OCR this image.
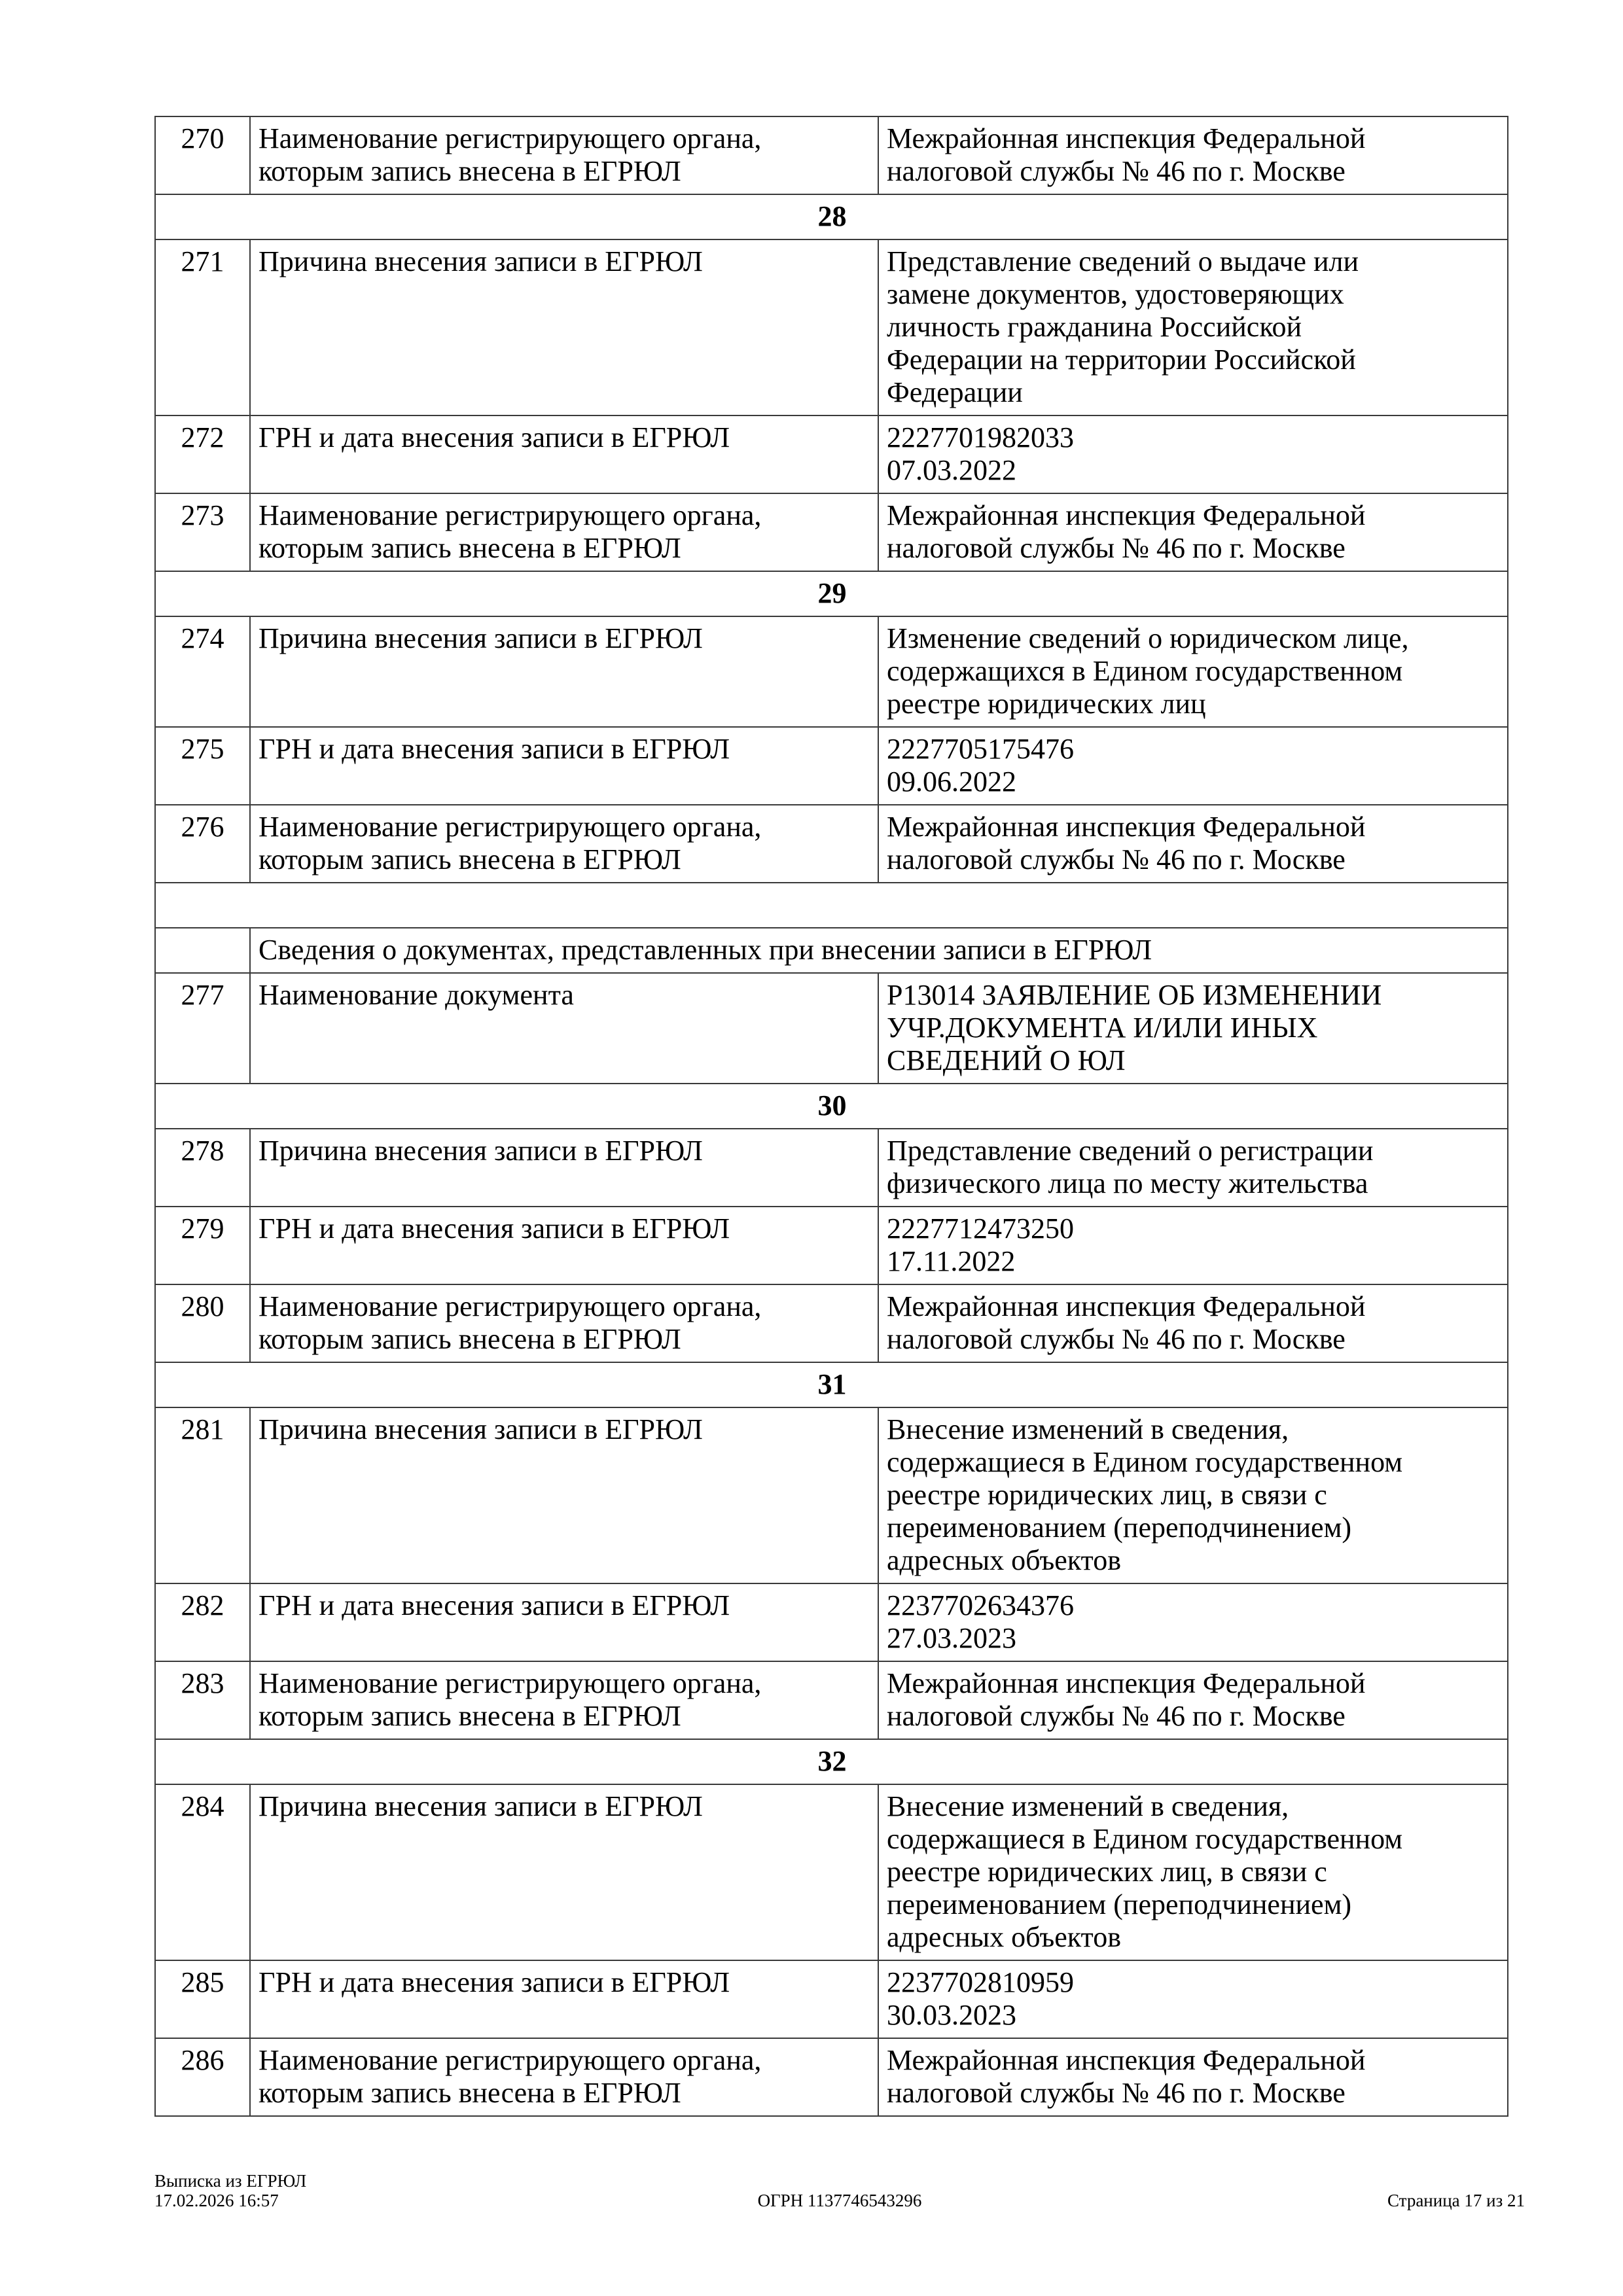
270	Наименование регистрирующего органа,
которым запись внесена в ЕГРЮЛ	Межрайонная инспекция Федеральной
налоговой службы № 46 по г. Москве

28		
271	Причина внесения записи в ЕГРЮЛ	Представление сведений о выдаче или
замене документов, удостоверяющих
личность гражданина Российской
Федерации на территории Российской
Федерации

272	ГРН и дата внесения записи в ЕГРЮЛ	2227701982033
07.03.2022

273	Наименование регистрирующего органа,
которым запись внесена в ЕГРЮЛ	Межрайонная инспекция Федеральной
налоговой службы № 46 по г. Москве

29		
274	Причина внесения записи в ЕГРЮЛ	Изменение сведений о юридическом лице,
содержащихся в Едином государственном
реестре юридических лиц

275	ГРН и дата внесения записи в ЕГРЮЛ	2227705175476
09.06.2022

276	Наименование регистрирующего органа,
которым запись внесена в ЕГРЮЛ	Межрайонная инспекция Федеральной
налоговой службы № 46 по г. Москве

	Сведения о документах, представленных при внесении записи в ЕГРЮЛ	
277	Наименование документа	Р13014 ЗАЯВЛЕНИЕ ОБ ИЗМЕНЕНИИ
УЧР.ДОКУМЕНТА И/ИЛИ ИНЫХ
СВЕДЕНИЙ О ЮЛ

30		
278	Причина внесения записи в ЕГРЮЛ	Представление сведений о регистрации
физического лица по месту жительства

279	ГРН и дата внесения записи в ЕГРЮЛ	2227712473250
17.11.2022

280	Наименование регистрирующего органа,
которым запись внесена в ЕГРЮЛ	Межрайонная инспекция Федеральной
налоговой службы № 46 по г. Москве

31		
281	Причина внесения записи в ЕГРЮЛ	Внесение изменений в сведения,
содержащиеся в Едином государственном
реестре юридических лиц, в связи с
переименованием (переподчинением)
адресных объектов

282	ГРН и дата внесения записи в ЕГРЮЛ	2237702634376
27.03.2023

283	Наименование регистрирующего органа,
которым запись внесена в ЕГРЮЛ	Межрайонная инспекция Федеральной
налоговой службы № 46 по г. Москве

32		
284	Причина внесения записи в ЕГРЮЛ	Внесение изменений в сведения,
содержащиеся в Едином государственном
реестре юридических лиц, в связи с
переименованием (переподчинением)
адресных объектов

285	ГРН и дата внесения записи в ЕГРЮЛ	2237702810959
30.03.2023

286	Наименование регистрирующего органа,
которым запись внесена в ЕГРЮЛ	Межрайонная инспекция Федеральной
налоговой службы № 46 по г. Москве
Выписка из ЕГРЮЛ
17.02.2026 16:57	ОГРН 1137746543296	Страница 17 из 21
